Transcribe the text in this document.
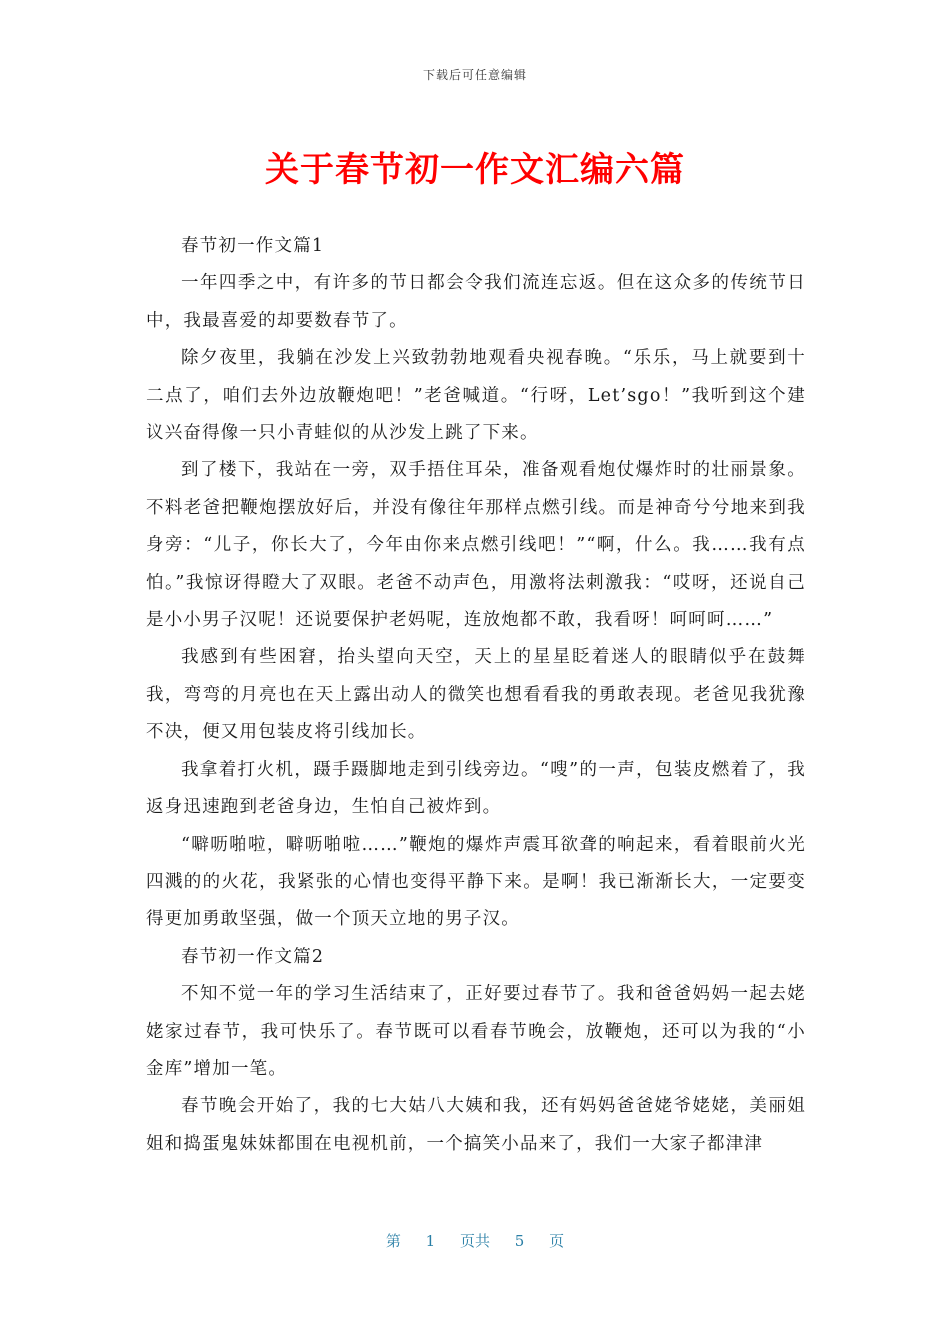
下载后可任意编辑
关于春节初一作文汇编六篇

春节初一作文篇1

一年四季之中，有许多的节日都会令我们流连忘返。但在这众多的传统节日中，我最喜爱的却要数春节了。

除夕夜里，我躺在沙发上兴致勃勃地观看央视春晚。“乐乐，马上就要到十二点了，咱们去外边放鞭炮吧！”老爸喊道。“行呀，Let’sgo！”我听到这个建议兴奋得像一只小青蛙似的从沙发上跳了下来。

到了楼下，我站在一旁，双手捂住耳朵，准备观看炮仗爆炸时的壮丽景象。不料老爸把鞭炮摆放好后，并没有像往年那样点燃引线。而是神奇兮兮地来到我身旁：“儿子，你长大了，今年由你来点燃引线吧！”“啊，什么。我……我有点怕。”我惊讶得瞪大了双眼。老爸不动声色，用激将法刺激我：“哎呀，还说自己是小小男子汉呢！还说要保护老妈呢，连放炮都不敢，我看呀！呵呵呵……”

我感到有些困窘，抬头望向天空，天上的星星眨着迷人的眼睛似乎在鼓舞我，弯弯的月亮也在天上露出动人的微笑也想看看我的勇敢表现。老爸见我犹豫不决，便又用包装皮将引线加长。

我拿着打火机，蹑手蹑脚地走到引线旁边。“嗖”的一声，包装皮燃着了，我返身迅速跑到老爸身边，生怕自己被炸到。

“噼呖啪啦，噼呖啪啦……”鞭炮的爆炸声震耳欲聋的响起来，看着眼前火光四溅的的火花，我紧张的心情也变得平静下来。是啊！我已渐渐长大，一定要变得更加勇敢坚强，做一个顶天立地的男子汉。

春节初一作文篇2

不知不觉一年的学习生活结束了，正好要过春节了。我和爸爸妈妈一起去姥姥家过春节，我可快乐了。春节既可以看春节晚会，放鞭炮，还可以为我的“小金库”增加一笔。

春节晚会开始了，我的七大姑八大姨和我，还有妈妈爸爸姥爷姥姥，美丽姐姐和捣蛋鬼妹妹都围在电视机前，一个搞笑小品来了，我们一大家子都津津

第 1 页共 5 页
